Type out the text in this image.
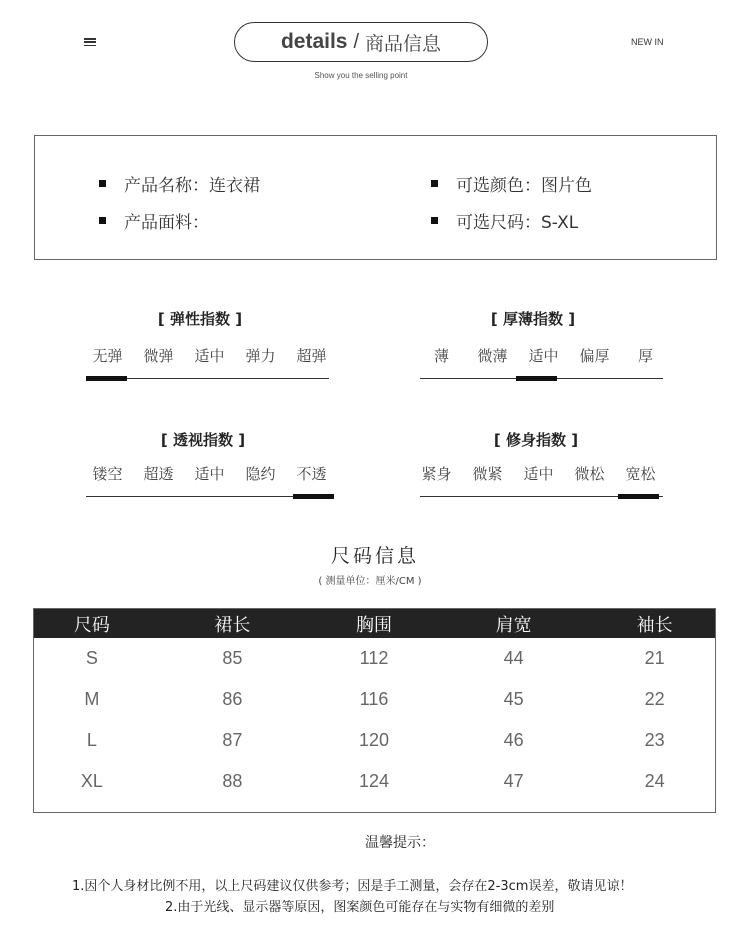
details / 商品信息
Show you the selling point
NEW IN
产品名称：连衣裙
产品面料：
可选颜色：图片色
可选尺码：S-XL
[ 弹性指数 ]
无弹	微弹	适中	弹力	超弹
[ 厚薄指数 ]
薄	微薄	适中	偏厚	厚
[ 透视指数 ]
镂空	超透	适中	隐约	不透
[ 修身指数 ]
紧身	微紧	适中	微松	宽松
尺码信息
( 测量单位：厘米/CM )
尺码	裙长	胸围	肩宽	袖长
S	85	112	44	21
M	86	116	45	22
L	87	120	46	23
XL	88	124	47	24
温馨提示：
1.因个人身材比例不用，以上尺码建议仅供参考；因是手工测量，会存在2-3cm误差，敬请见谅！
2.由于光线、显示器等原因，图案颜色可能存在与实物有细微的差别
